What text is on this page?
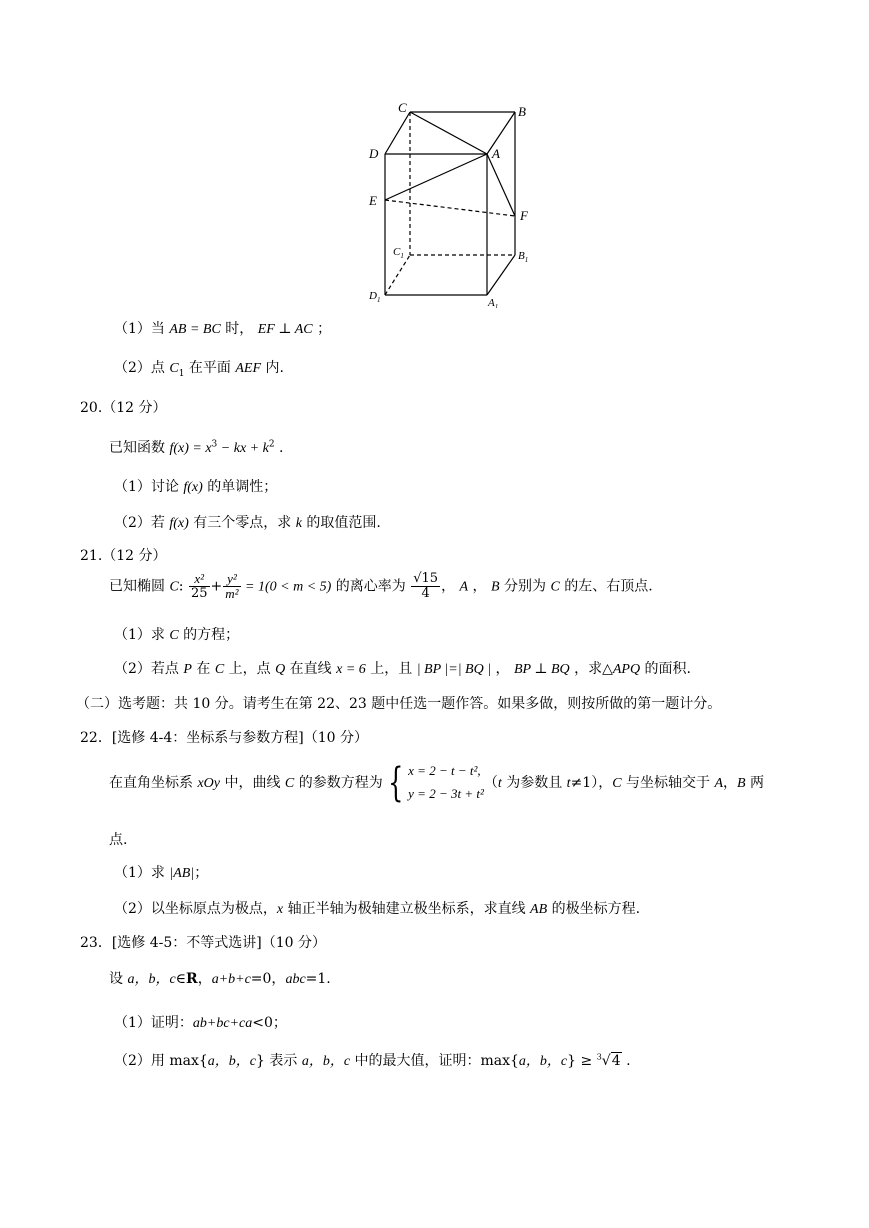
C	B
D	A
E
F
$C_1$	$B_1$
$D_1$	$A_1$
（1）当 AB = BC 时， EF ⊥ AC ；
（2）点 $C_1$ 在平面 AEF 内.
20.（12 分）
已知函数 $f(x) = x^3$ − kx + $k^2$ .
（1）讨论 f(x) 的单调性；
（2）若 f(x) 有三个零点，求 k 的取值范围.
21.（12 分）
已知椭圆 C: $\frac{\text{x²}}{25} + \frac{\text{y²}}{\text{m²}} = 1(0 < m < 5)$ 的离心率为 $\frac{√15}{4}$ ， A ， B 分别为 C 的左、右顶点.
（1）求 C 的方程；
（2）若点 P 在 C 上，点 Q 在直线 x = 6 上，且 | BP |=| BQ | ， BP ⊥ BQ ，求△APQ 的面积.
（二）选考题：共 10 分。请考生在第 22、23 题中任选一题作答。如果多做，则按所做的第一题计分。
22．[选修 4-4：坐标系与参数方程]（10 分）
在直角坐标系 xOy 中，曲线 C 的参数方程为 { x = 2 − t − t²,
y = 2 − 3t + t²（t 为参数且 t≠1），C 与坐标轴交于 A，B 两
点.
（1）求 |AB|；
（2）以坐标原点为极点，x 轴正半轴为极轴建立极坐标系，求直线 AB 的极坐标方程.
23．[选修 4-5：不等式选讲]（10 分）
设 a，b，c∈R，a+b+c=0，abc=1.
（1）证明：ab+bc+ca<0；
（2）用 max{a，b，c} 表示 a，b，c 中的最大值，证明：max{a，b，c} ≥ $^3$√4 .
